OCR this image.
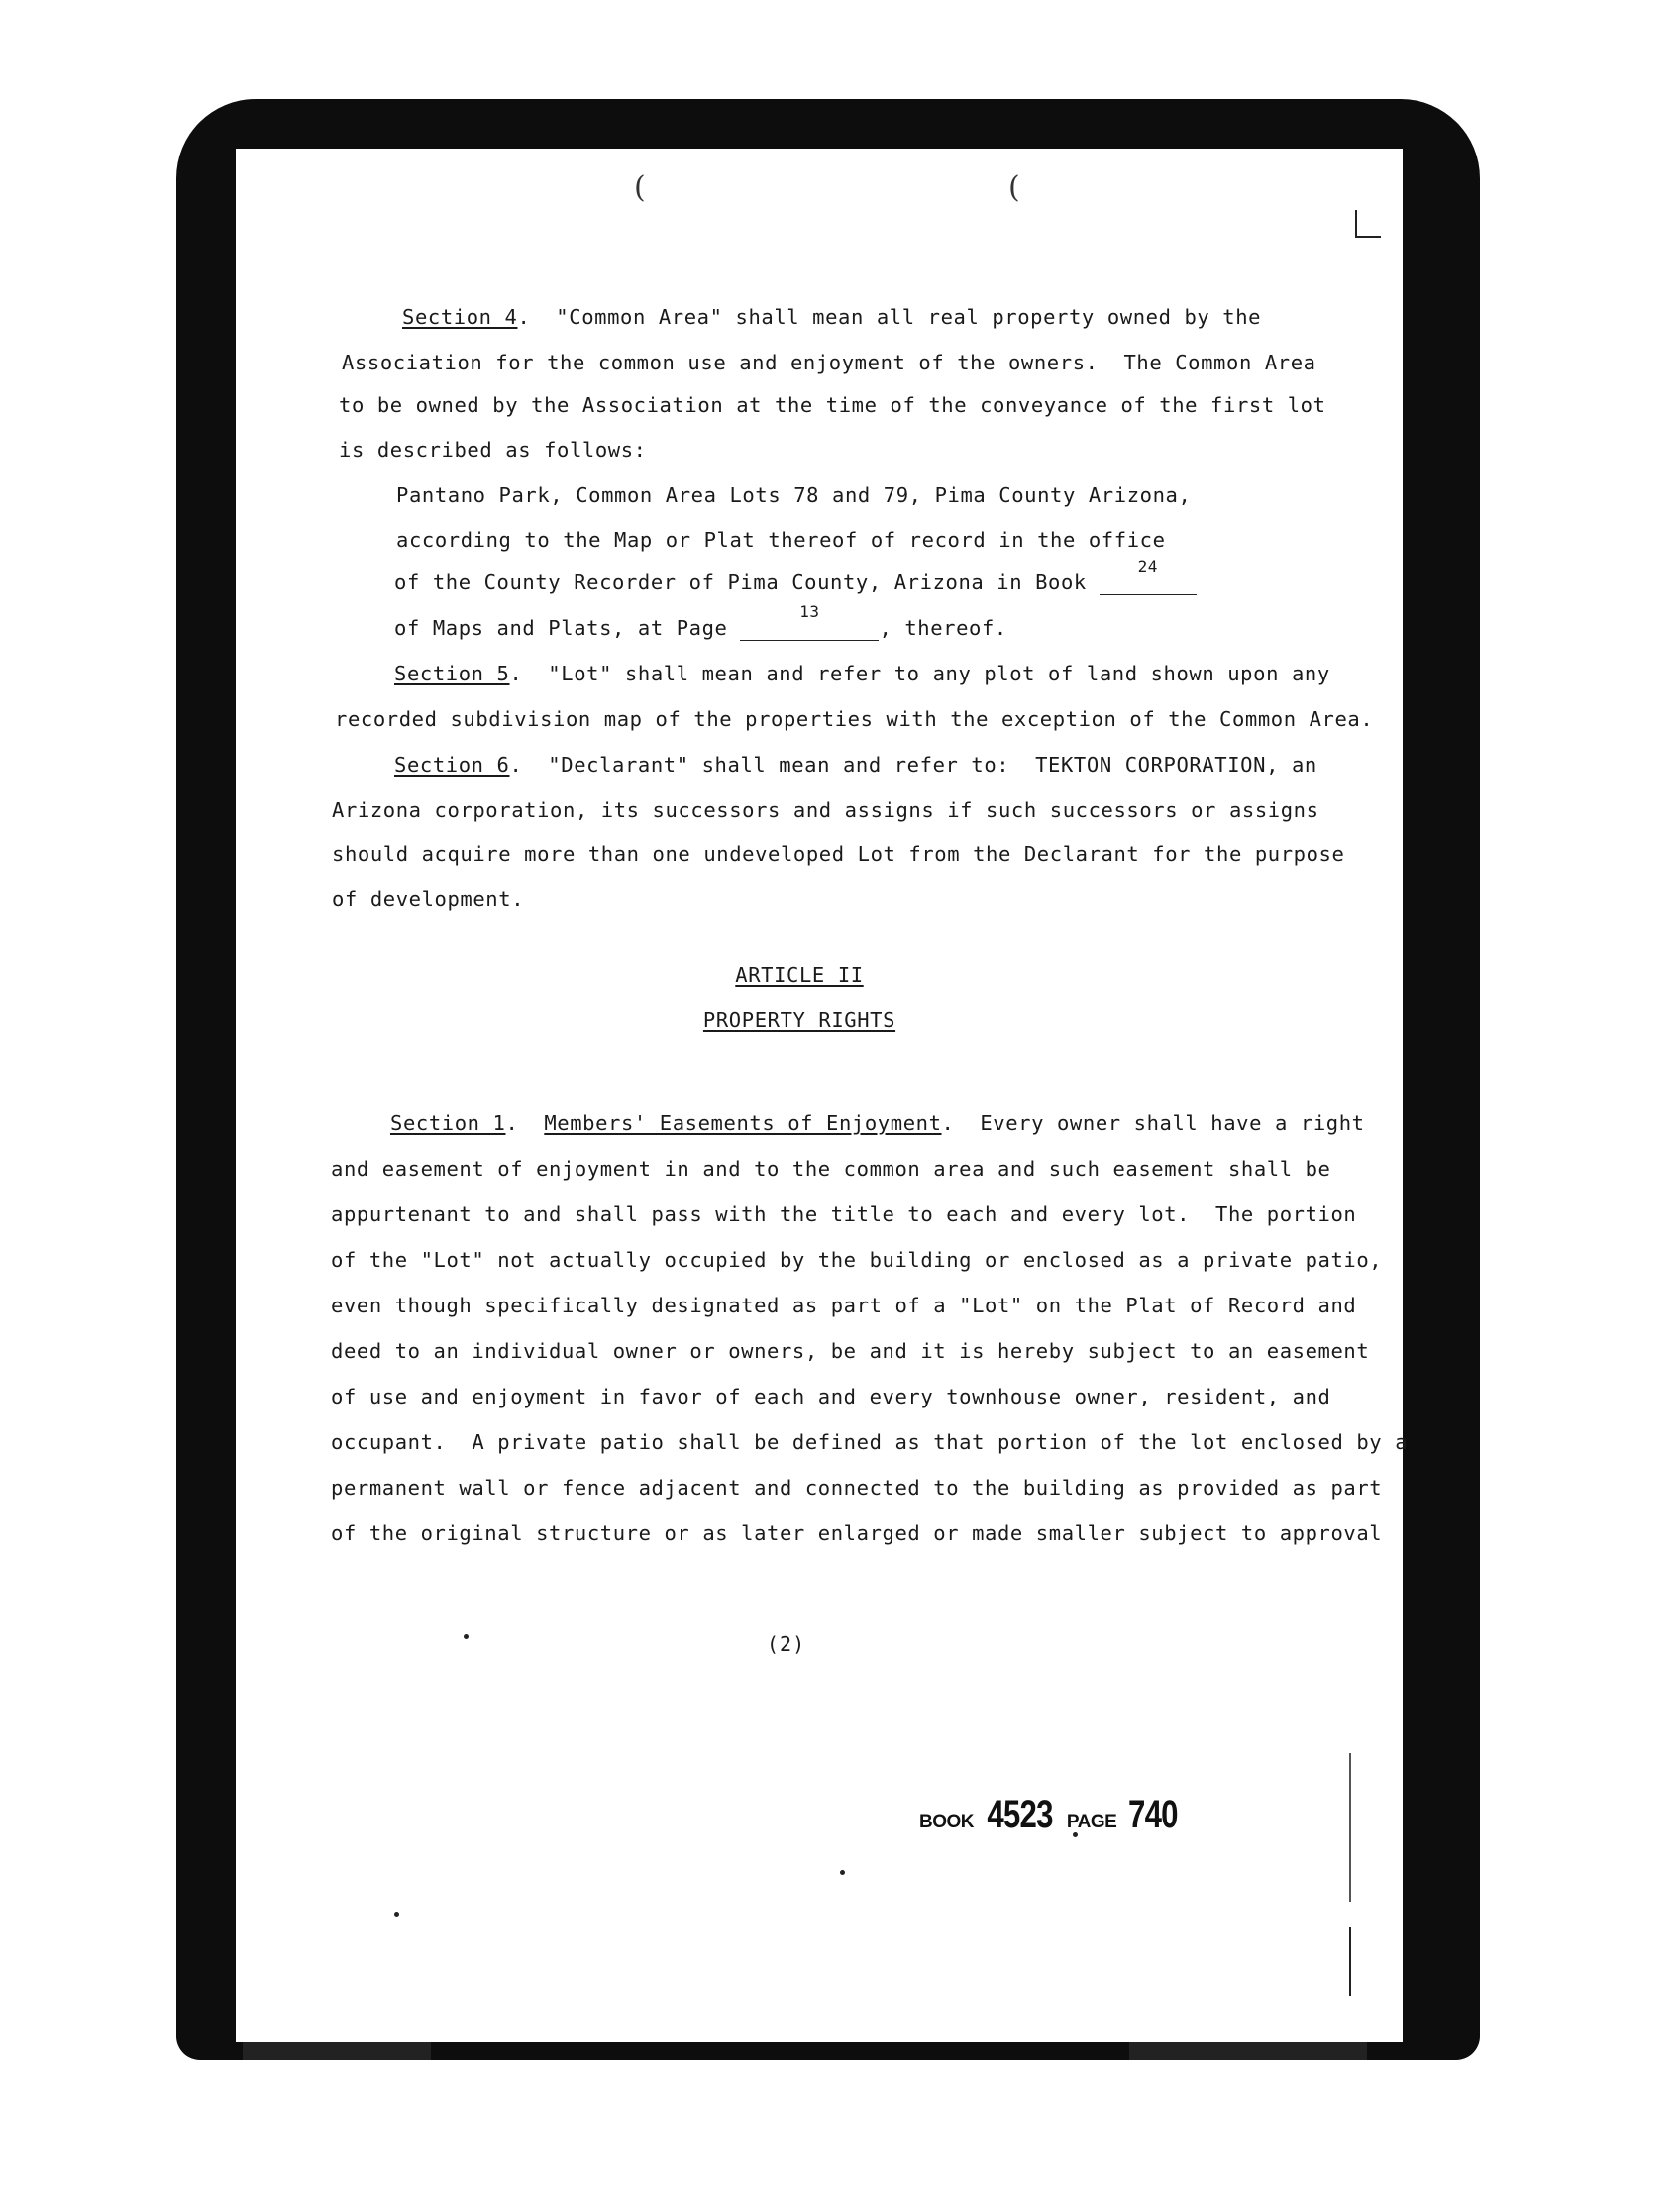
(	(
Section 4.  "Common Area" shall mean all real property owned by the
Association for the common use and enjoyment of the owners.  The Common Area
to be owned by the Association at the time of the conveyance of the first lot
is described as follows:
Pantano Park, Common Area Lots 78 and 79, Pima County Arizona,
according to the Map or Plat thereof of record in the office
of the County Recorder of Pima County, Arizona in Book
24

of Maps and Plats, at Page
13
, thereof.
Section 5.  "Lot" shall mean and refer to any plot of land shown upon any
recorded subdivision map of the properties with the exception of the Common Area.
Section 6.  "Declarant" shall mean and refer to:  TEKTON CORPORATION, an
Arizona corporation, its successors and assigns if such successors or assigns
should acquire more than one undeveloped Lot from the Declarant for the purpose
of development.
ARTICLE II
PROPERTY RIGHTS
Section 1.  Members' Easements of Enjoyment.  Every owner shall have a right
and easement of enjoyment in and to the common area and such easement shall be
appurtenant to and shall pass with the title to each and every lot.  The portion
of the "Lot" not actually occupied by the building or enclosed as a private patio,
even though specifically designated as part of a "Lot" on the Plat of Record and
deed to an individual owner or owners, be and it is hereby subject to an easement
of use and enjoyment in favor of each and every townhouse owner, resident, and
occupant.  A private patio shall be defined as that portion of the lot enclosed by a
permanent wall or fence adjacent and connected to the building as provided as part
of the original structure or as later enlarged or made smaller subject to approval
(2)
BOOK 4523 PAGE 740
